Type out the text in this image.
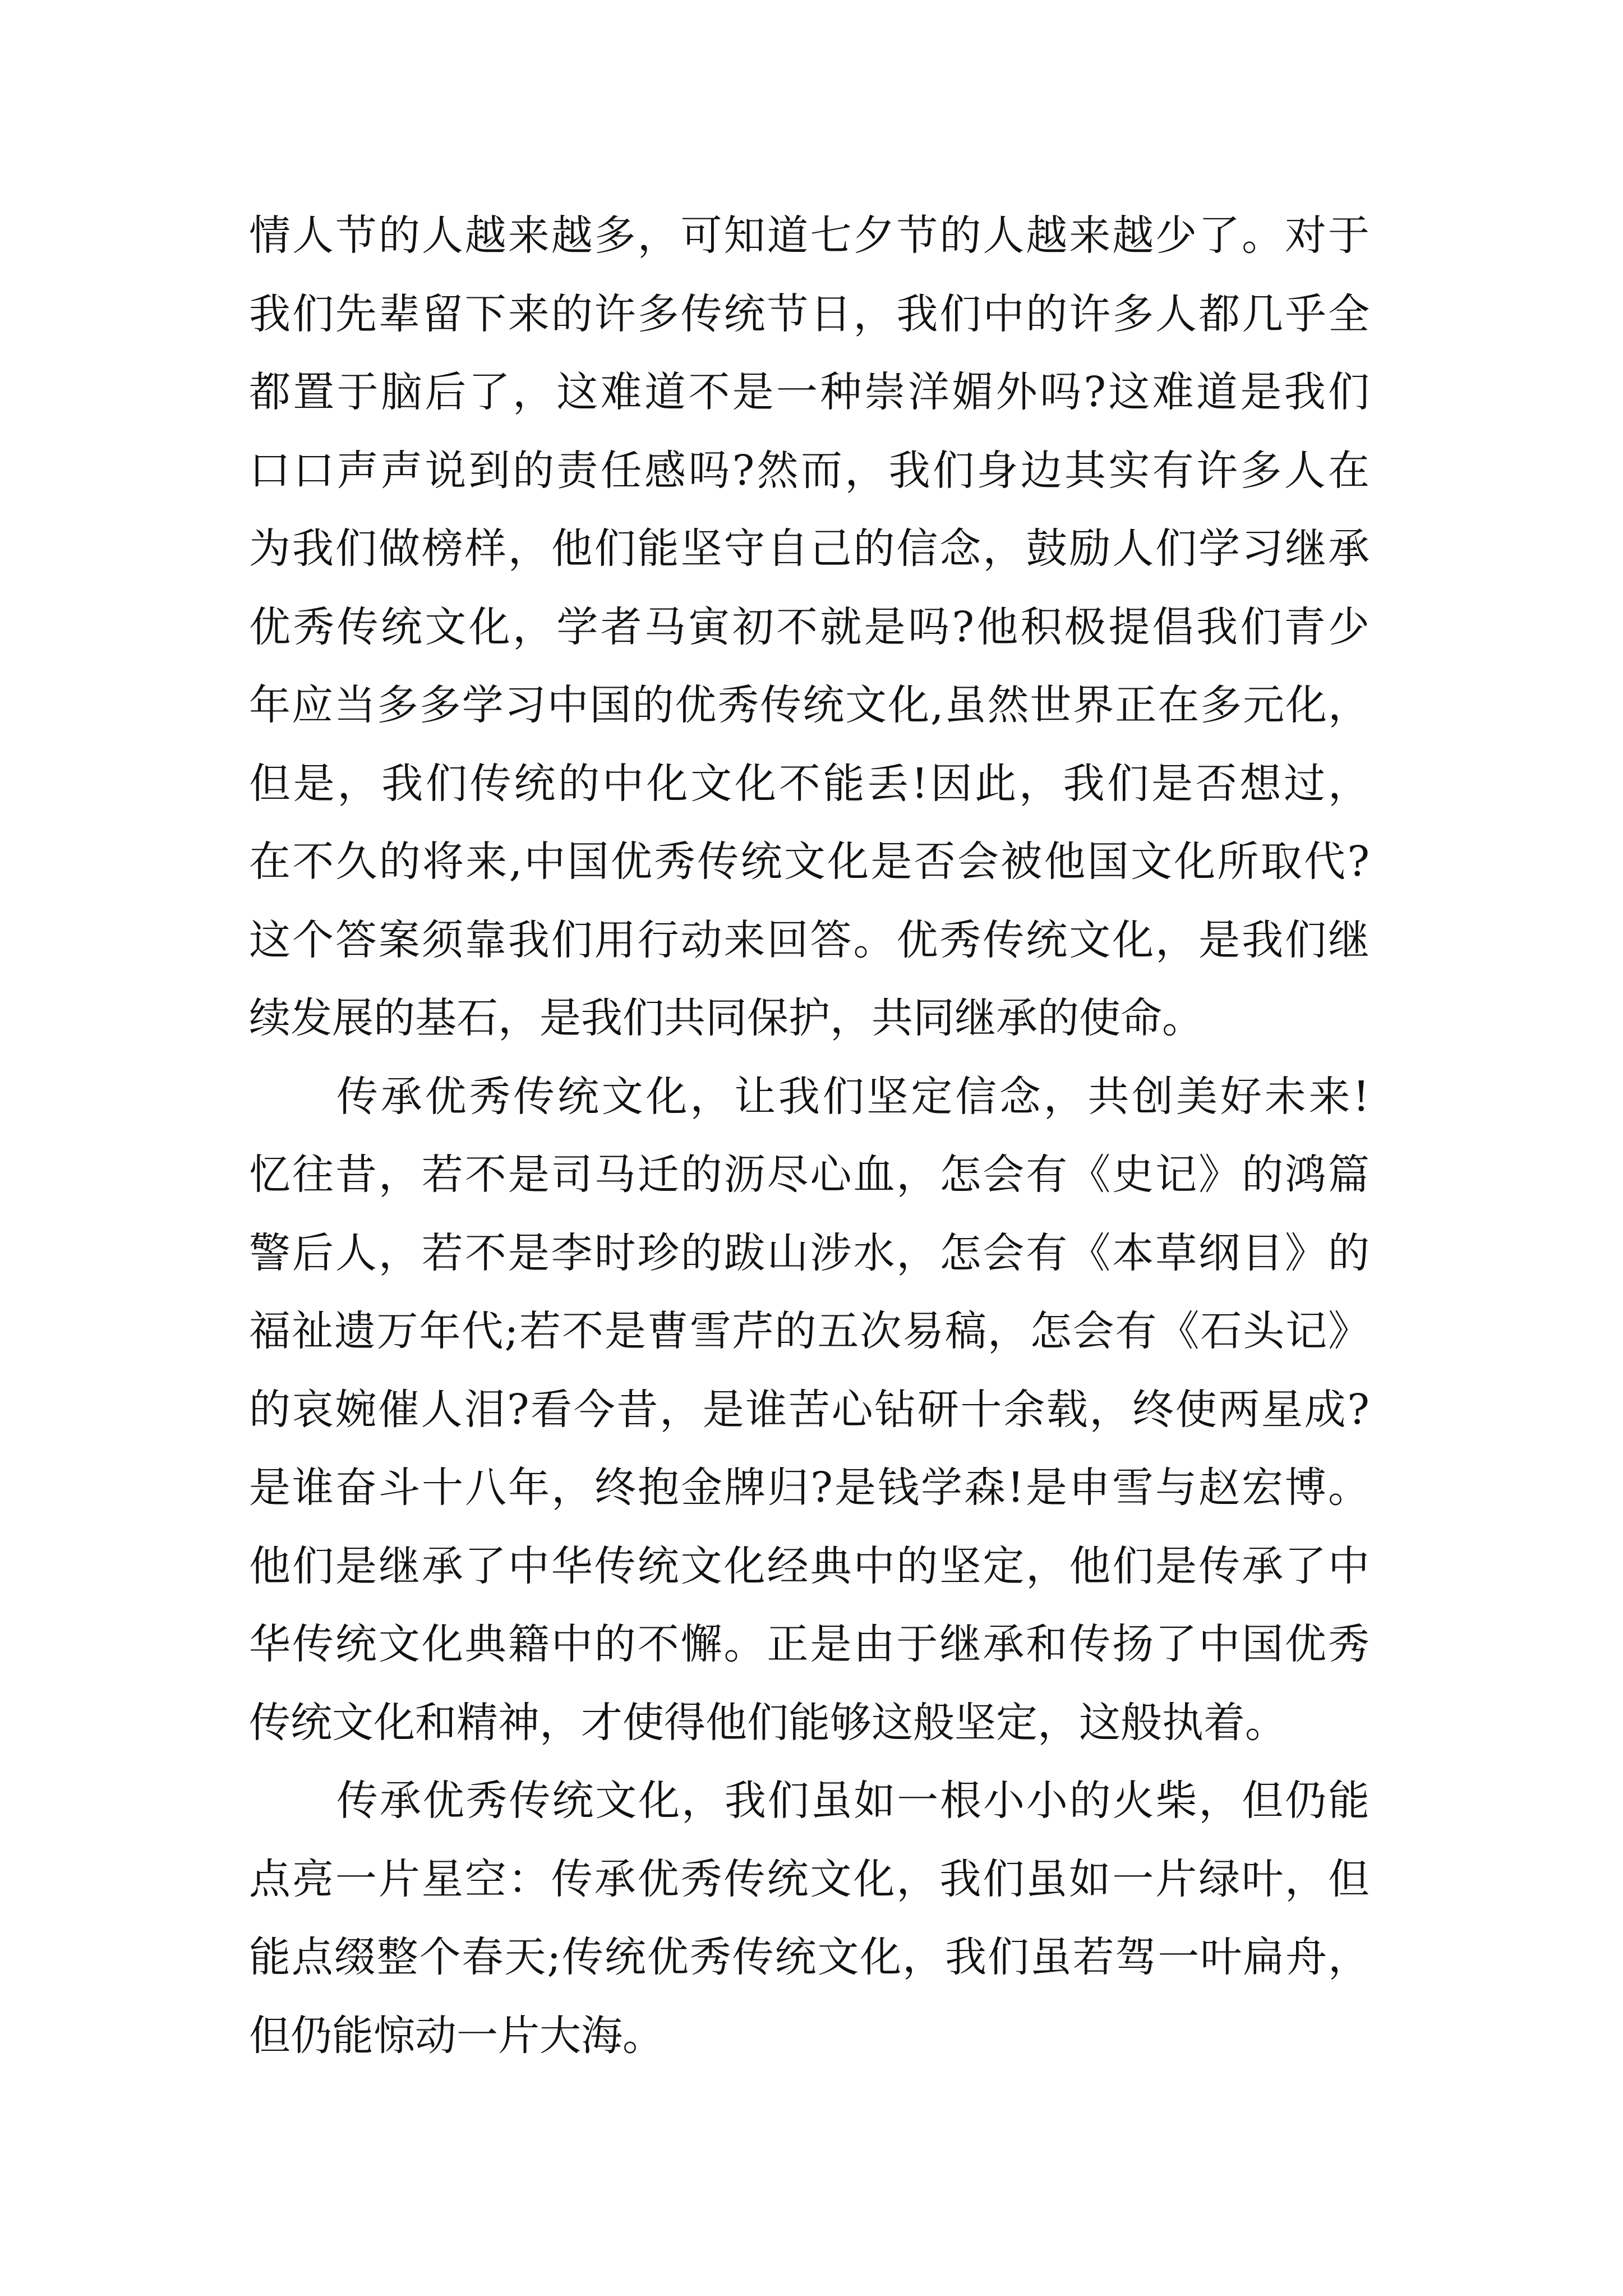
情人节的人越来越多，可知道七夕节的人越来越少了。对于
我们先辈留下来的许多传统节日，我们中的许多人都几乎全
都置于脑后了，这难道不是一种崇洋媚外吗?这难道是我们
口口声声说到的责任感吗?然而，我们身边其实有许多人在
为我们做榜样，他们能坚守自己的信念，鼓励人们学习继承
优秀传统文化，学者马寅初不就是吗?他积极提倡我们青少
年应当多多学习中国的优秀传统文化,虽然世界正在多元化，
但是，我们传统的中化文化不能丢!因此，我们是否想过，
在不久的将来,中国优秀传统文化是否会被他国文化所取代?
这个答案须靠我们用行动来回答。优秀传统文化，是我们继
续发展的基石，是我们共同保护，共同继承的使命。
传承优秀传统文化，让我们坚定信念，共创美好未来!
忆往昔，若不是司马迁的沥尽心血，怎会有《史记》的鸿篇
警后人，若不是李时珍的跋山涉水，怎会有《本草纲目》的
福祉遗万年代;若不是曹雪芹的五次易稿，怎会有《石头记》
的哀婉催人泪?看今昔，是谁苦心钻研十余载，终使两星成?
是谁奋斗十八年，终抱金牌归?是钱学森!是申雪与赵宏博。
他们是继承了中华传统文化经典中的坚定，他们是传承了中
华传统文化典籍中的不懈。正是由于继承和传扬了中国优秀
传统文化和精神，才使得他们能够这般坚定，这般执着。
传承优秀传统文化，我们虽如一根小小的火柴，但仍能
点亮一片星空：传承优秀传统文化，我们虽如一片绿叶，但
能点缀整个春天;传统优秀传统文化，我们虽若驾一叶扁舟，
但仍能惊动一片大海。
